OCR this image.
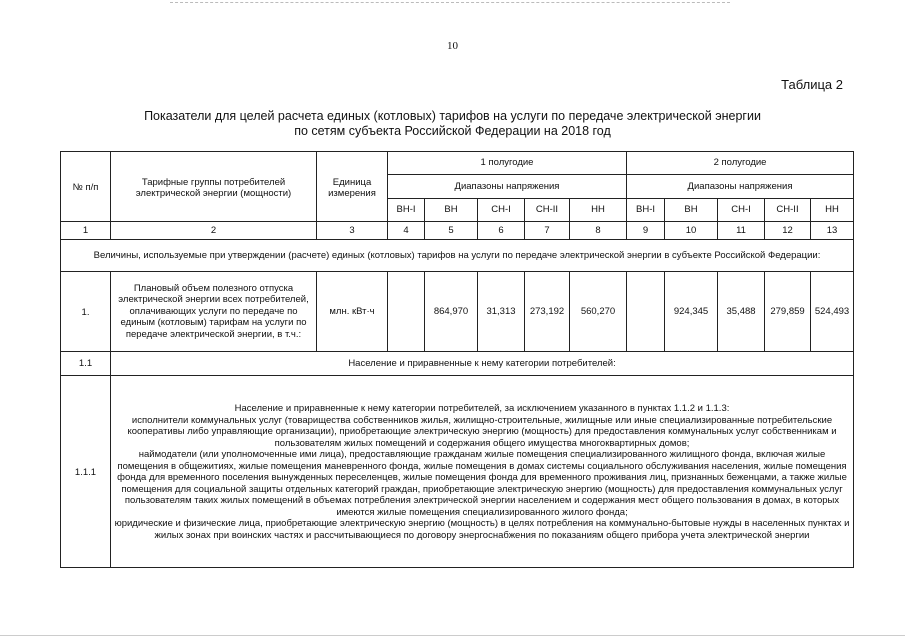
10
Таблица 2
Показатели для целей расчета единых (котловых) тарифов на услуги по передаче электрической энергии
по сетям субъекта Российской Федерации на 2018 год
№ п/п	Тарифные группы потребителей электрической энергии (мощности)	Единица измерения	1 полугодие					2 полугодие				
			Диапазоны напряжения					Диапазоны напряжения				
			ВН-I	ВН	СН-I	СН-II	НН	ВН-I	ВН	СН-I	СН-II	НН
1	2	3	4	5	6	7	8	9	10	11	12	13
Величины, используемые при утверждении (расчете) единых (котловых) тарифов на услуги по передаче электрической энергии в субъекте Российской Федерации:												
1.	Плановый объем полезного отпуска электрической энергии всех потребителей, оплачивающих услуги по передаче по единым (котловым) тарифам на услуги по передаче электрической энергии, в т.ч.:	млн. кВт·ч		864,970	31,313	273,192	560,270		924,345	35,488	279,859	524,493
1.1	Население и приравненные к нему категории потребителей:											
1.1.1	Население и приравненные к нему категории потребителей, за исключением указанного в пунктах 1.1.2 и 1.1.3:
исполнители коммунальных услуг (товарищества собственников жилья, жилищно-строительные, жилищные или иные специализированные потребительские кооперативы либо управляющие организации), приобретающие электрическую энергию (мощность) для предоставления коммунальных услуг собственникам и пользователям жилых помещений и содержания общего имущества многоквартирных домов;
наймодатели (или уполномоченные ими лица), предоставляющие гражданам жилые помещения специализированного жилищного фонда, включая жилые помещения в общежитиях, жилые помещения маневренного фонда, жилые помещения в домах системы социального обслуживания населения, жилые помещения фонда для временного поселения вынужденных переселенцев, жилые помещения фонда для временного проживания лиц, признанных беженцами, а также жилые помещения для социальной защиты отдельных категорий граждан, приобретающие электрическую энергию (мощность) для предоставления коммунальных услуг пользователям таких жилых помещений в объемах потребления электрической энергии населением и содержания мест общего пользования в домах, в которых имеются жилые помещения специализированного жилого фонда;
юридические и физические лица, приобретающие электрическую энергию (мощность) в целях потребления на коммунально-бытовые нужды в населенных пунктах и жилых зонах при воинских частях и рассчитывающиеся по договору энергоснабжения по показаниям общего прибора учета электрической энергии											
